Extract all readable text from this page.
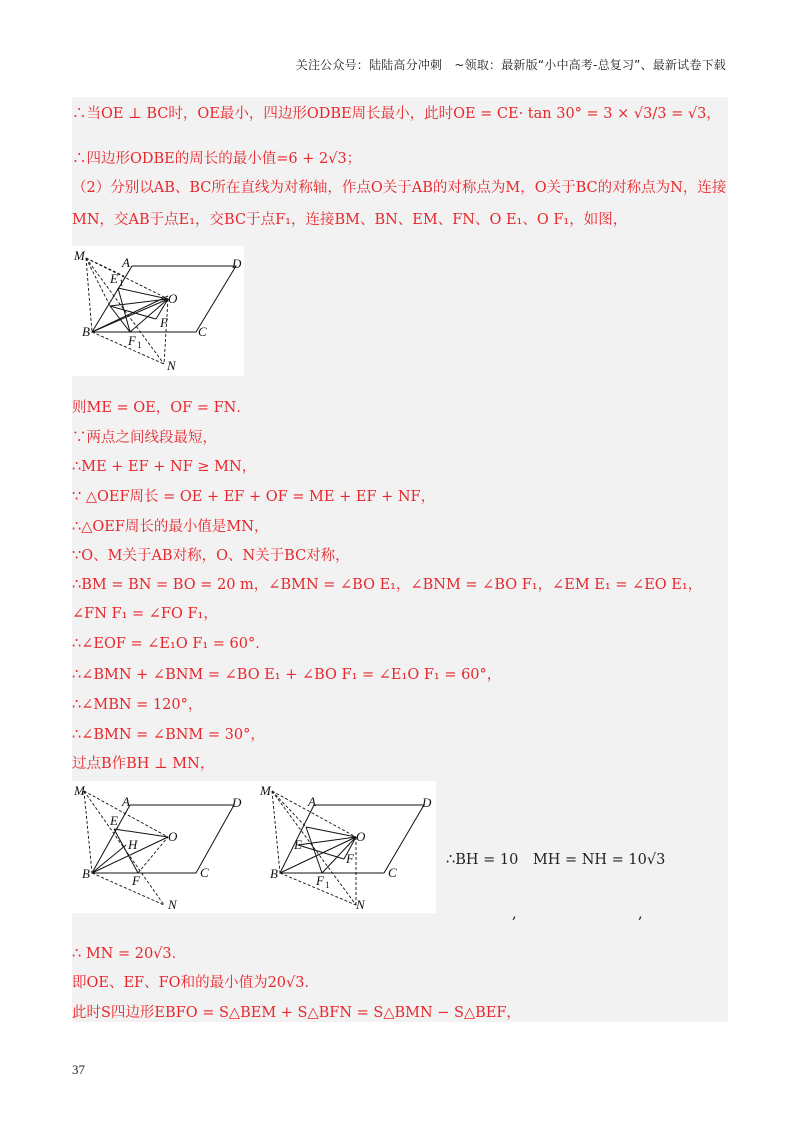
关注公众号：陆陆高分冲刺　~领取：最新版“小中高考-总复习”、最新试卷下载
∴当OE ⊥ BC时，OE最小，四边形ODBE周长最小，此时OE = CE· tan 30° = 3 × √3/3 = √3，
∴四边形ODBE的周长的最小值=6 + 2√3；
（2）分别以AB、BC所在直线为对称轴，作点O关于AB的对称点为M，O关于BC的对称点为N，连接
MN，交AB于点E₁，交BC于点F₁，连接BM、BN、EM、FN、O E₁、O F₁，如图，
M	A
E 1
D
O
F
B
F 1
C
N
则ME = OE，OF = FN．
∵两点之间线段最短，
∴ME + EF + NF ≥ MN，
∵ △OEF周长 = OE + EF + OF = ME + EF + NF，
∴△OEF周长的最小值是MN，
∵O、M关于AB对称，O、N关于BC对称，
∴BM = BN = BO = 20 m，∠BMN = ∠BO E₁，∠BNM = ∠BO F₁，∠EM E₁ = ∠EO E₁，
∠FN F₁ = ∠FO F₁，
∴∠EOF = ∠E₁O F₁ = 60°．
∴∠BMN + ∠BNM = ∠BO E₁ + ∠BO F₁ = ∠E₁O F₁ = 60°，
∴∠MBN = 120°，
∴∠BMN = ∠BNM = 30°，
过点B作BH ⊥ MN，
M
A
E
D
O
H
B	F
C
N
M
A
E
D
O
F
B	F 1
C
N
∴BH = 10　MH = NH = 10√3
,	,
∴ MN = 20√3．
即OE、EF、FO和的最小值为20√3．
此时S四边形EBFO = S△BEM + S△BFN = S△BMN − S△BEF，
37
